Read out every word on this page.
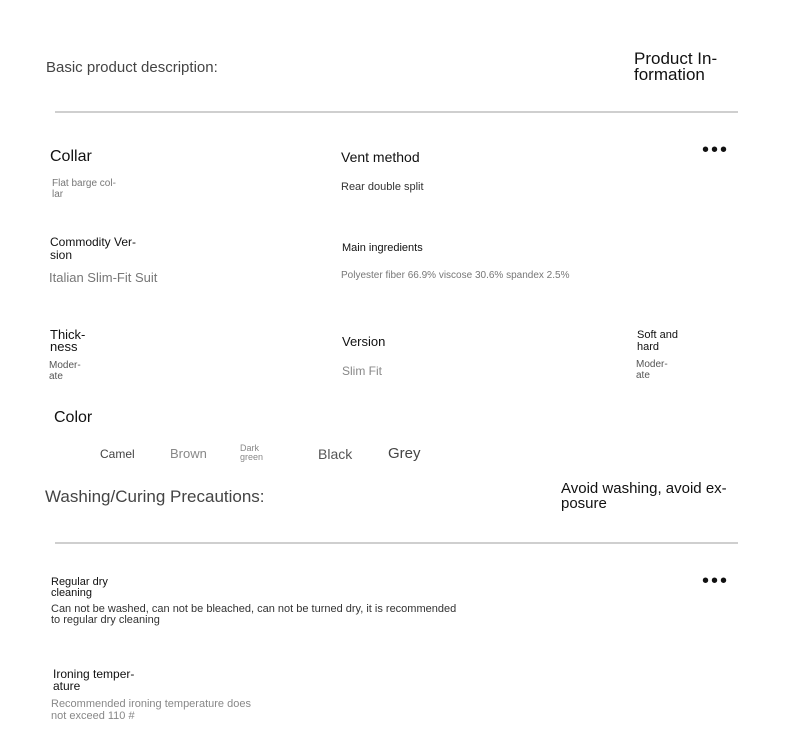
Basic product description:	Product In-
formation
•••
Collar
Flat barge col-
lar
Vent method
Rear double split
Commodity Ver-
sion
Italian Slim-Fit Suit
Main ingredients
Polyester fiber 66.9% viscose 30.6% spandex 2.5%
Thick-
ness
Moder-
ate
Version
Slim Fit
Soft and
hard
Moder-
ate
Color
Camel	Brown	Dark
green	Black Grey
Washing/Curing Precautions:	Avoid washing, avoid ex-
posure
•••
Regular dry
cleaning
Can not be washed, can not be bleached, can not be turned dry, it is recommended
to regular dry cleaning
Ironing temper-
ature
Recommended ironing temperature does
not exceed 110 #
